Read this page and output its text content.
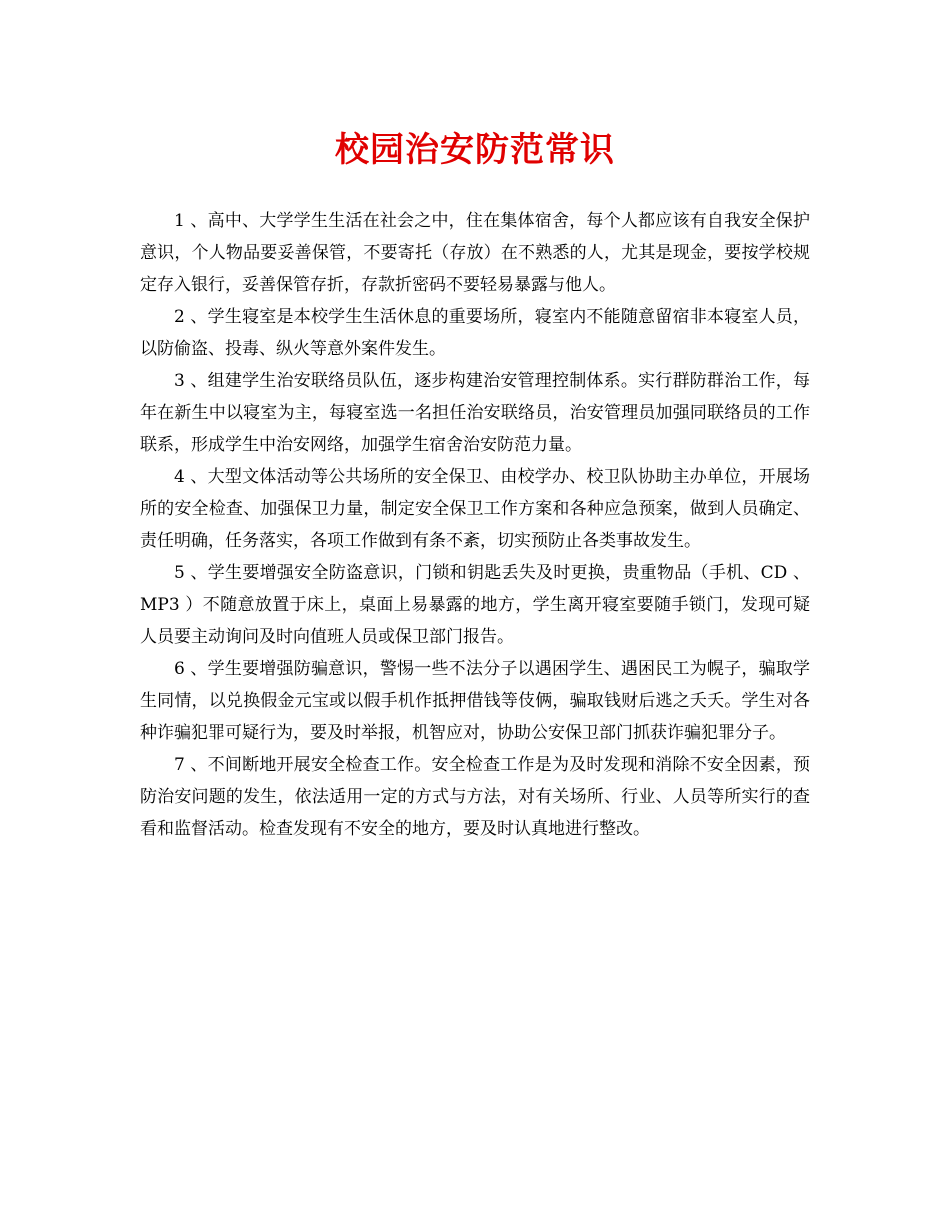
校园治安防范常识

1 、高中、大学学生生活在社会之中，住在集体宿舍，每个人都应该有自我安全保护意识，个人物品要妥善保管，不要寄托（存放）在不熟悉的人，尤其是现金，要按学校规定存入银行，妥善保管存折，存款折密码不要轻易暴露与他人。

2 、学生寝室是本校学生生活休息的重要场所，寝室内不能随意留宿非本寝室人员，以防偷盗、投毒、纵火等意外案件发生。

3 、组建学生治安联络员队伍，逐步构建治安管理控制体系。实行群防群治工作，每年在新生中以寝室为主，每寝室选一名担任治安联络员，治安管理员加强同联络员的工作联系，形成学生中治安网络，加强学生宿舍治安防范力量。

4 、大型文体活动等公共场所的安全保卫、由校学办、校卫队协助主办单位，开展场所的安全检查、加强保卫力量，制定安全保卫工作方案和各种应急预案，做到人员确定、责任明确，任务落实，各项工作做到有条不紊，切实预防止各类事故发生。

5 、学生要增强安全防盗意识，门锁和钥匙丢失及时更换，贵重物品（手机、CD 、 MP3 ）不随意放置于床上，桌面上易暴露的地方，学生离开寝室要随手锁门，发现可疑人员要主动询问及时向值班人员或保卫部门报告。

6 、学生要增强防骗意识，警惕一些不法分子以遇困学生、遇困民工为幌子，骗取学生同情，以兑换假金元宝或以假手机作抵押借钱等伎俩，骗取钱财后逃之夭夭。学生对各种诈骗犯罪可疑行为，要及时举报，机智应对，协助公安保卫部门抓获诈骗犯罪分子。

7 、不间断地开展安全检查工作。安全检查工作是为及时发现和消除不安全因素，预防治安问题的发生，依法适用一定的方式与方法，对有关场所、行业、人员等所实行的查看和监督活动。检查发现有不安全的地方，要及时认真地进行整改。
